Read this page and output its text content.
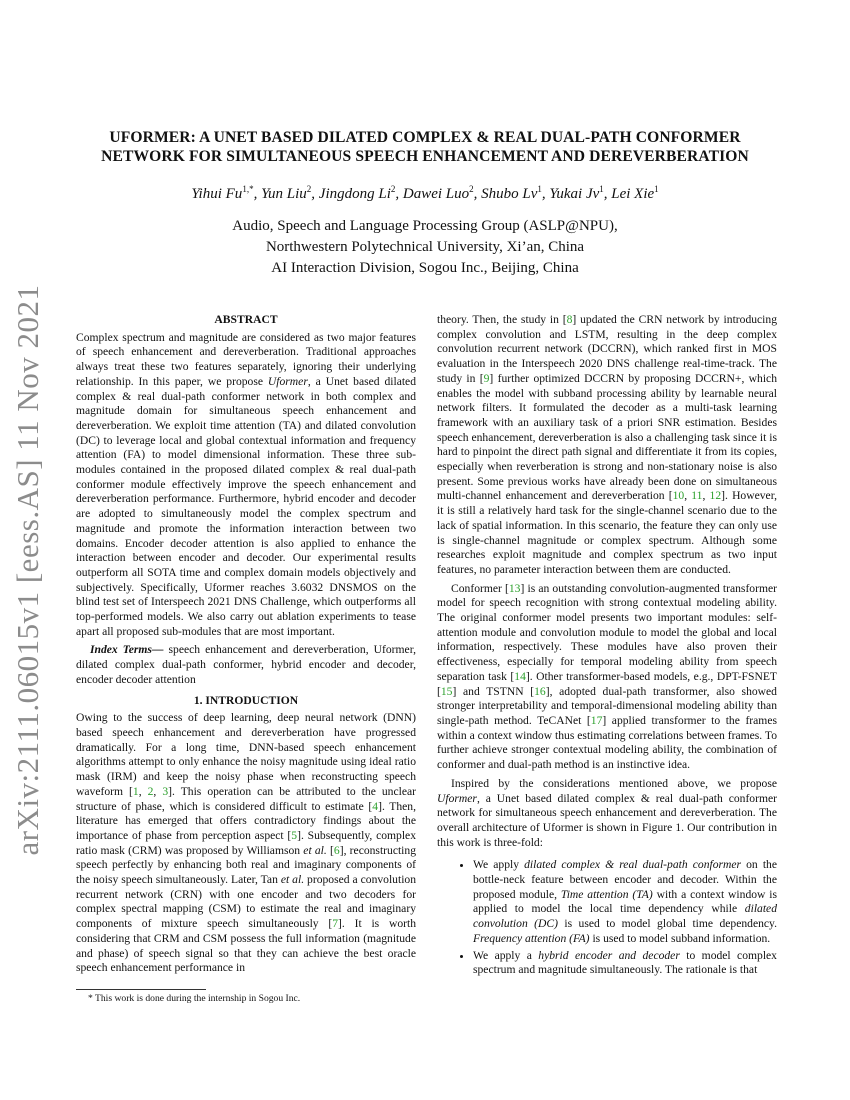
arXiv:2111.06015v1 [eess.AS] 11 Nov 2021
UFORMER: A UNET BASED DILATED COMPLEX & REAL DUAL-PATH CONFORMER
NETWORK FOR SIMULTANEOUS SPEECH ENHANCEMENT AND DEREVERBERATION
Yihui $Fu^{1,*}$, Yun Liu$^2$, Jingdong Li$^2$, Dawei Luo$^2$, Shubo Lv$^1$, Yukai Jv$^1$, Lei Xie$^1$
Audio, Speech and Language Processing Group (ASLP@NPU),
Northwestern Polytechnical University, Xi’an, China
AI Interaction Division, Sogou Inc., Beijing, China
ABSTRACT

Complex spectrum and magnitude are considered as two major features of speech enhancement and dereverberation. Traditional approaches always treat these two features separately, ignoring their underlying relationship. In this paper, we propose Uformer, a Unet based dilated complex & real dual-path conformer network in both complex and magnitude domain for simultaneous speech enhancement and dereverberation. We exploit time attention (TA) and dilated convolution (DC) to leverage local and global contextual information and frequency attention (FA) to model dimensional information. These three sub-modules contained in the proposed dilated complex & real dual-path conformer module effectively improve the speech enhancement and dereverberation performance. Furthermore, hybrid encoder and decoder are adopted to simultaneously model the complex spectrum and magnitude and promote the information interaction between two domains. Encoder decoder attention is also applied to enhance the interaction between encoder and decoder. Our experimental results outperform all SOTA time and complex domain models objectively and subjectively. Specifically, Uformer reaches 3.6032 DNSMOS on the blind test set of Interspeech 2021 DNS Challenge, which outperforms all top-performed models. We also carry out ablation experiments to tease apart all proposed sub-modules that are most important.

Index Terms— speech enhancement and dereverberation, Uformer, dilated complex dual-path conformer, hybrid encoder and decoder, encoder decoder attention

1. INTRODUCTION

Owing to the success of deep learning, deep neural network (DNN) based speech enhancement and dereverberation have progressed dramatically. For a long time, DNN-based speech enhancement algorithms attempt to only enhance the noisy magnitude using ideal ratio mask (IRM) and keep the noisy phase when reconstructing speech waveform [1, 2, 3]. This operation can be attributed to the unclear structure of phase, which is considered difficult to estimate [4]. Then, literature has emerged that offers contradictory findings about the importance of phase from perception aspect [5]. Subsequently, complex ratio mask (CRM) was proposed by Williamson et al. [6], reconstructing speech perfectly by enhancing both real and imaginary components of the noisy speech simultaneously. Later, Tan et al. proposed a convolution recurrent network (CRN) with one encoder and two decoders for complex spectral mapping (CSM) to estimate the real and imaginary components of mixture speech simultaneously [7]. It is worth considering that CRM and CSM possess the full information (magnitude and phase) of speech signal so that they can achieve the best oracle speech enhancement performance in

theory. Then, the study in [8] updated the CRN network by introducing complex convolution and LSTM, resulting in the deep complex convolution recurrent network (DCCRN), which ranked first in MOS evaluation in the Interspeech 2020 DNS challenge real-time-track. The study in [9] further optimized DCCRN by proposing DCCRN+, which enables the model with subband processing ability by learnable neural network filters. It formulated the decoder as a multi-task learning framework with an auxiliary task of a priori SNR estimation. Besides speech enhancement, dereverberation is also a challenging task since it is hard to pinpoint the direct path signal and differentiate it from its copies, especially when reverberation is strong and non-stationary noise is also present. Some previous works have already been done on simultaneous multi-channel enhancement and dereverberation [10, 11, 12]. However, it is still a relatively hard task for the single-channel scenario due to the lack of spatial information. In this scenario, the feature they can only use is single-channel magnitude or complex spectrum. Although some researches exploit magnitude and complex spectrum as two input features, no parameter interaction between them are conducted.

Conformer [13] is an outstanding convolution-augmented transformer model for speech recognition with strong contextual modeling ability. The original conformer model presents two important modules: self-attention module and convolution module to model the global and local information, respectively. These modules have also proven their effectiveness, especially for temporal modeling ability from speech separation task [14]. Other transformer-based models, e.g., DPT-FSNET [15] and TSTNN [16], adopted dual-path transformer, also showed stronger interpretability and temporal-dimensional modeling ability than single-path method. TeCANet [17] applied transformer to the frames within a context window thus estimating correlations between frames. To further achieve stronger contextual modeling ability, the combination of conformer and dual-path method is an instinctive idea.

Inspired by the considerations mentioned above, we propose Uformer, a Unet based dilated complex & real dual-path conformer network for simultaneous speech enhancement and dereverberation. The overall architecture of Uformer is shown in Figure 1. Our contribution in this work is three-fold:

• We apply dilated complex & real dual-path conformer on the bottle-neck feature between encoder and decoder. Within the proposed module, Time attention (TA) with a context window is applied to model the local time dependency while dilated convolution (DC) is used to model global time dependency. Frequency attention (FA) is used to model subband information.
• We apply a hybrid encoder and decoder to model complex spectrum and magnitude simultaneously. The rationale is that
* This work is done during the internship in Sogou Inc.
